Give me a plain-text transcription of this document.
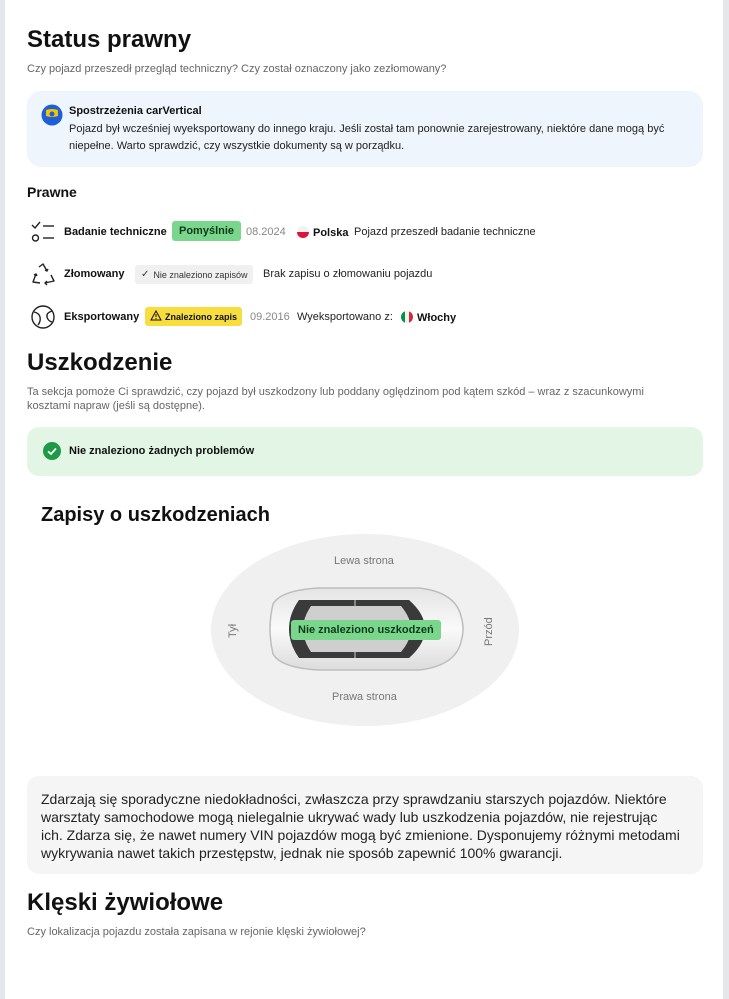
Status prawny
Czy pojazd przeszedł przegląd techniczny? Czy został oznaczony jako zezłomowany?
Spostrzeżenia carVertical
Pojazd był wcześniej wyeksportowany do innego kraju. Jeśli został tam ponownie zarejestrowany, niektóre dane mogą być niepełne. Warto sprawdzić, czy wszystkie dokumenty są w porządku.
Prawne
Badanie techniczne	Pomyślnie	08.2024	Polska Pojazd przeszedł badanie techniczne
Złomowany ✓ Nie znaleziono zapisów Brak zapisu o złomowaniu pojazdu
Eksportowany	Znaleziono zapis 09.2016 Wyeksportowano z:	Włochy
Uszkodzenie
Ta sekcja pomoże Ci sprawdzić, czy pojazd był uszkodzony lub poddany oględzinom pod kątem szkód – wraz z szacunkowymi kosztami napraw (jeśli są dostępne).
Nie znaleziono żadnych problemów
Zapisy o uszkodzeniach
Lewa strona
Prawa strona
Tył	Przód
Nie znaleziono uszkodzeń
Zdarzają się sporadyczne niedokładności, zwłaszcza przy sprawdzaniu starszych pojazdów. Niektóre warsztaty samochodowe mogą nielegalnie ukrywać wady lub uszkodzenia pojazdów, nie rejestrując ich. Zdarza się, że nawet numery VIN pojazdów mogą być zmienione. Dysponujemy różnymi metodami wykrywania nawet takich przestępstw, jednak nie sposób zapewnić 100% gwarancji.
Klęski żywiołowe
Czy lokalizacja pojazdu została zapisana w rejonie klęski żywiołowej?
